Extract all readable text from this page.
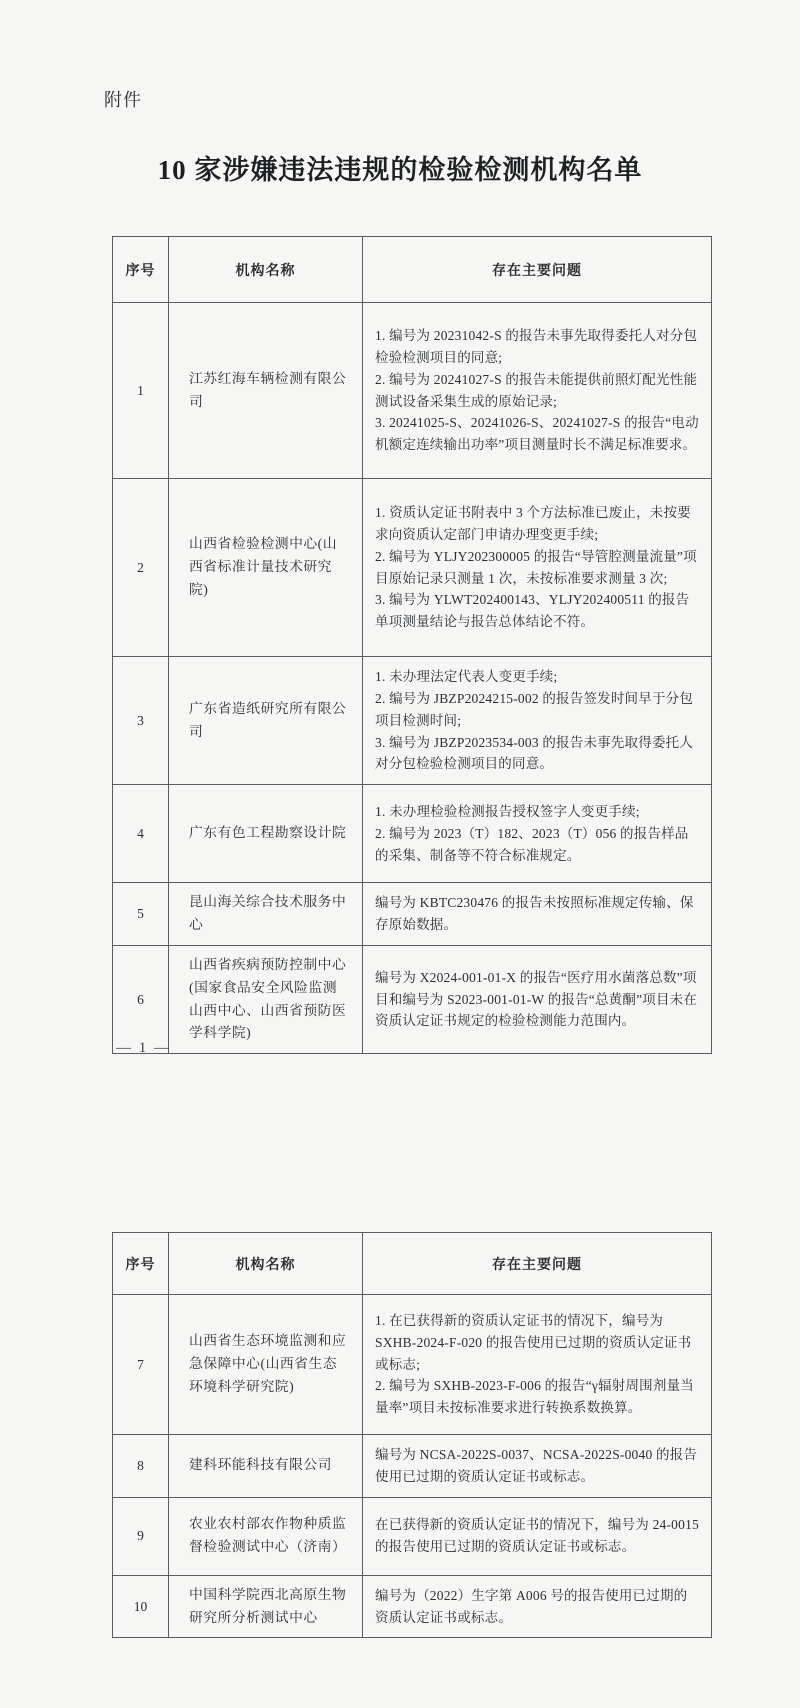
附件
10 家涉嫌违法违规的检验检测机构名单
序号	机构名称	存在主要问题
1	江苏红海车辆检测有限公司	1. 编号为 20231042-S 的报告未事先取得委托人对分包检验检测项目的同意;
2. 编号为 20241027-S 的报告未能提供前照灯配光性能测试设备采集生成的原始记录;
3. 20241025-S、20241026-S、20241027-S 的报告“电动机额定连续输出功率”项目测量时长不满足标准要求。

2	山西省检验检测中心(山西省标准计量技术研究院)	1. 资质认定证书附表中 3 个方法标准已废止，未按要求向资质认定部门申请办理变更手续;
2. 编号为 YLJY202300005 的报告“导管腔测量流量”项目原始记录只测量 1 次，未按标准要求测量 3 次;
3. 编号为 YLWT202400143、YLJY202400511 的报告单项测量结论与报告总体结论不符。

3	广东省造纸研究所有限公司	1. 未办理法定代表人变更手续;
2. 编号为 JBZP2024215-002 的报告签发时间早于分包项目检测时间;
3. 编号为 JBZP2023534-003 的报告未事先取得委托人对分包检验检测项目的同意。

4	广东有色工程勘察设计院	1. 未办理检验检测报告授权签字人变更手续;
2. 编号为 2023（T）182、2023（T）056 的报告样品的采集、制备等不符合标准规定。

5	昆山海关综合技术服务中心	编号为 KBTC230476 的报告未按照标准规定传输、保存原始数据。

6	山西省疾病预防控制中心(国家食品安全风险监测山西中心、山西省预防医学科学院)	编号为 X2024-001-01-X 的报告“医疗用水菌落总数”项目和编号为 S2023-001-01-W 的报告“总黄酮”项目未在资质认定证书规定的检验检测能力范围内。
— 1 —
序号	机构名称	存在主要问题
7	山西省生态环境监测和应急保障中心(山西省生态环境科学研究院)	1. 在已获得新的资质认定证书的情况下，编号为 SXHB-2024-F-020 的报告使用已过期的资质认定证书或标志;
2. 编号为 SXHB-2023-F-006 的报告“γ辐射周围剂量当量率”项目未按标准要求进行转换系数换算。

8	建科环能科技有限公司	编号为 NCSA-2022S-0037、NCSA-2022S-0040 的报告使用已过期的资质认定证书或标志。

9	农业农村部农作物种质监督检验测试中心（济南）	在已获得新的资质认定证书的情况下，编号为 24-0015 的报告使用已过期的资质认定证书或标志。

10	中国科学院西北高原生物研究所分析测试中心	编号为（2022）生字第 A006 号的报告使用已过期的资质认定证书或标志。
